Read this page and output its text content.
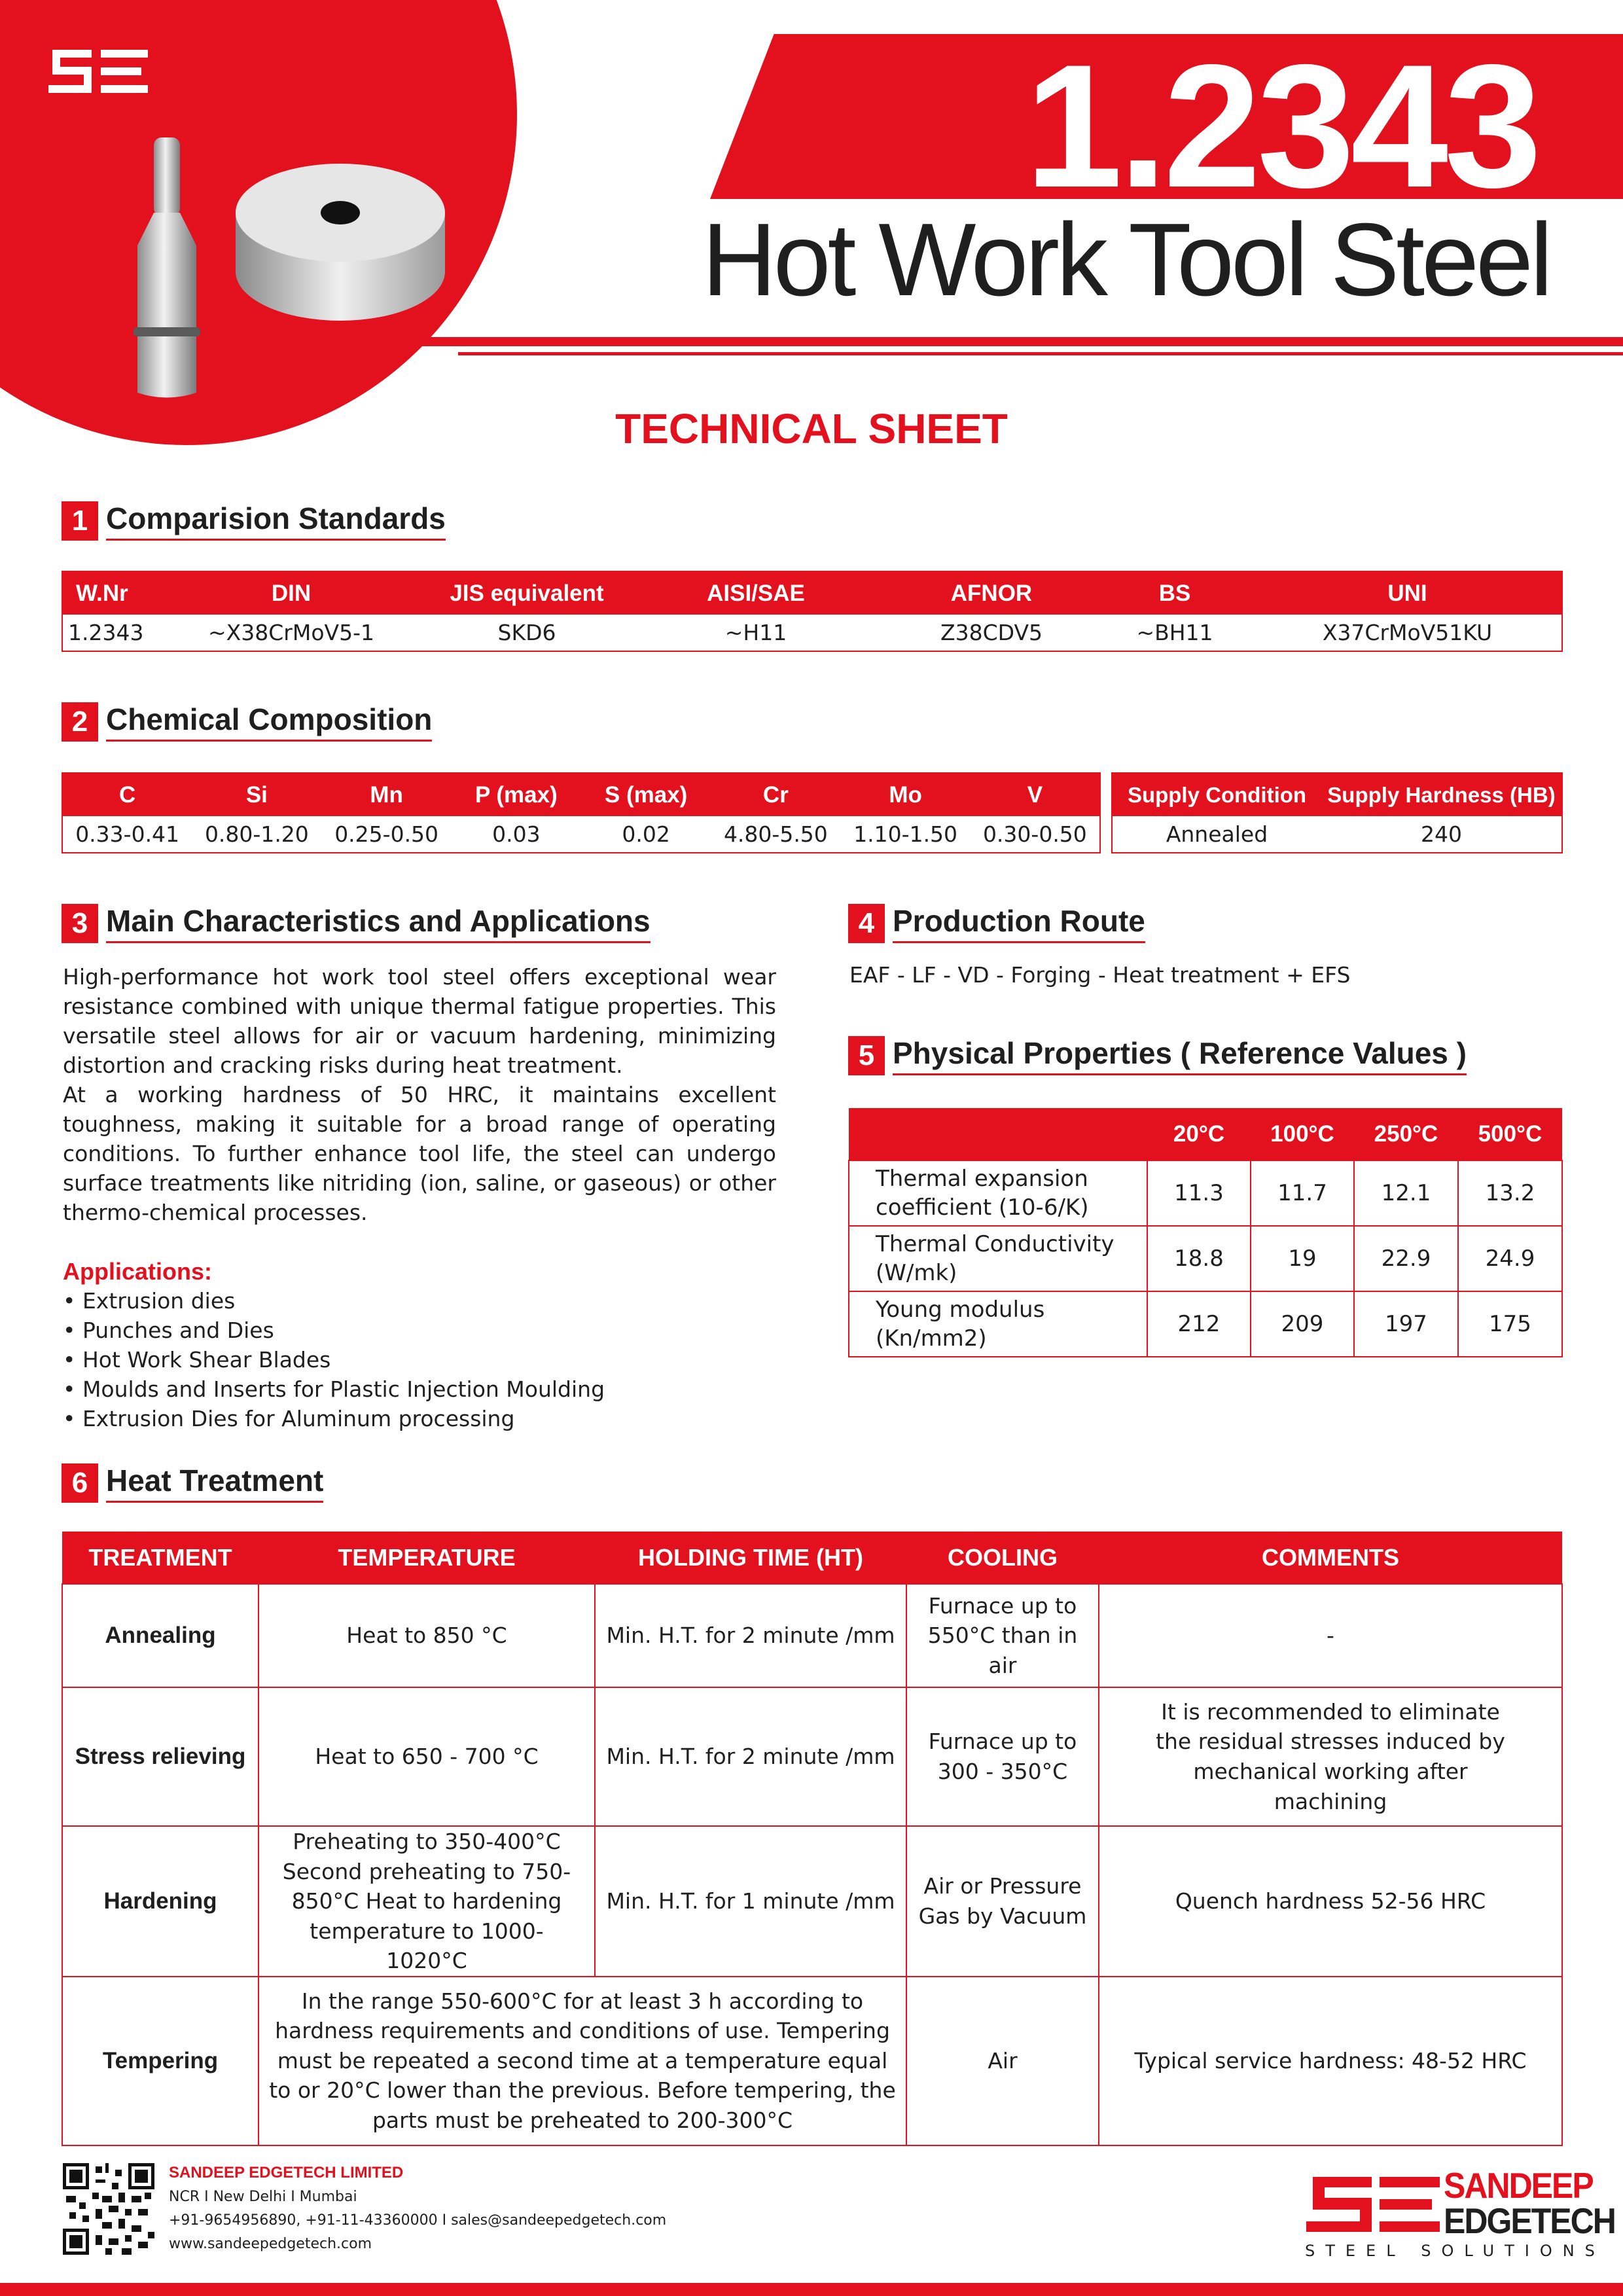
1.2343
Hot Work Tool Steel
TECHNICAL SHEET
1 Comparision Standards
W.Nr	DIN	JIS equivalent	AISI/SAE	AFNOR	BS	UNI
1.2343	~X38CrMoV5-1	SKD6	~H11	Z38CDV5	~BH11	X37CrMoV51KU
2 Chemical Composition
C	Si	Mn	P (max)	S (max)	Cr	Mo	V
0.33-0.41	0.80-1.20	0.25-0.50	0.03	0.02	4.80-5.50	1.10-1.50	0.30-0.50
Supply Condition	Supply Hardness (HB)
Annealed	240
3 Main Characteristics and Applications

High-performance hot work tool steel offers exceptional wear resistance combined with unique thermal fatigue properties. This versatile steel allows for air or vacuum hardening, minimizing distortion and cracking risks during heat treatment.

At a working hardness of 50 HRC, it maintains excellent toughness, making it suitable for a broad range of operating conditions. To further enhance tool life, the steel can undergo surface treatments like nitriding (ion, saline, or gaseous) or other thermo-chemical processes.

Applications:
• Extrusion dies
• Punches and Dies
• Hot Work Shear Blades
• Moulds and Inserts for Plastic Injection Moulding
• Extrusion Dies for Aluminum processing
4 Production Route
EAF - LF - VD - Forging - Heat treatment + EFS
5 Physical Properties ( Reference Values )
	20°C	100°C	250°C	500°C
Thermal expansion coefficient (10-6/K)	11.3	11.7	12.1	13.2
Thermal Conductivity (W/mk)	18.8	19	22.9	24.9
Young modulus (Kn/mm2)	212	209	197	175
6 Heat Treatment
TREATMENT	TEMPERATURE	HOLDING TIME (HT)	COOLING	COMMENTS
Annealing	Heat to 850 °C	Min. H.T. for 2 minute /mm	Furnace up to 550°C than in air	-
Stress relieving	Heat to 650 - 700 °C	Min. H.T. for 2 minute /mm	Furnace up to 300 - 350°C	It is recommended to eliminate the residual stresses induced by mechanical working after machining
Hardening	Preheating to 350-400°C Second preheating to 750-850°C Heat to hardening temperature to 1000-1020°C	Min. H.T. for 1 minute /mm	Air or Pressure Gas by Vacuum	Quench hardness 52-56 HRC
Tempering	In the range 550-600°C for at least 3 h according to hardness requirements and conditions of use. Tempering must be repeated a second time at a temperature equal to or 20°C lower than the previous. Before tempering, the parts must be preheated to 200-300°C		Air	Typical service hardness: 48-52 HRC
SANDEEP EDGETECH LIMITED
NCR I New Delhi I Mumbai
+91-9654956890, +91-11-43360000 I sales@sandeepedgetech.com
www.sandeepedgetech.com
SANDEEP
EDGETECH
STEEL SOLUTIONS
